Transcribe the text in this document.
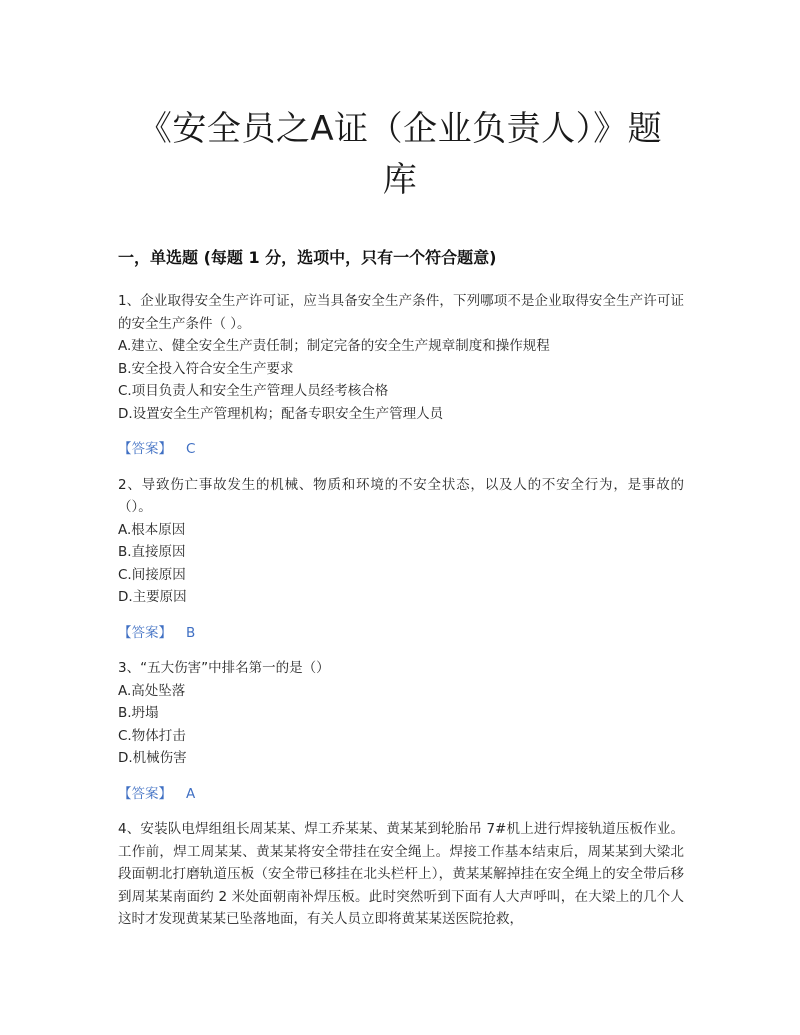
《安全员之A证（企业负责人）》题
库
一，单选题 (每题 1 分，选项中，只有一个符合题意)

1、企业取得安全生产许可证，应当具备安全生产条件，下列哪项不是企业取得安全生产许可证的安全生产条件（ ）。

A.建立、健全安全生产责任制；制定完备的安全生产规章制度和操作规程

B.安全投入符合安全生产要求

C.项目负责人和安全生产管理人员经考核合格

D.设置安全生产管理机构；配备专职安全生产管理人员

【答案】 C

2、导致伤亡事故发生的机械、物质和环境的不安全状态，以及人的不安全行为，是事故的（）。

A.根本原因

B.直接原因

C.间接原因

D.主要原因

【答案】 B

3、“五大伤害”中排名第一的是（）

A.高处坠落

B.坍塌

C.物体打击

D.机械伤害

【答案】 A

4、安装队电焊组组长周某某、焊工乔某某、黄某某到轮胎吊 7#机上进行焊接轨道压板作业。工作前，焊工周某某、黄某某将安全带挂在安全绳上。焊接工作基本结束后，周某某到大梁北段面朝北打磨轨道压板（安全带已移挂在北头栏杆上），黄某某解掉挂在安全绳上的安全带后移到周某某南面约 2 米处面朝南补焊压板。此时突然听到下面有人大声呼叫，在大梁上的几个人这时才发现黄某某已坠落地面，有关人员立即将黄某某送医院抢救，
